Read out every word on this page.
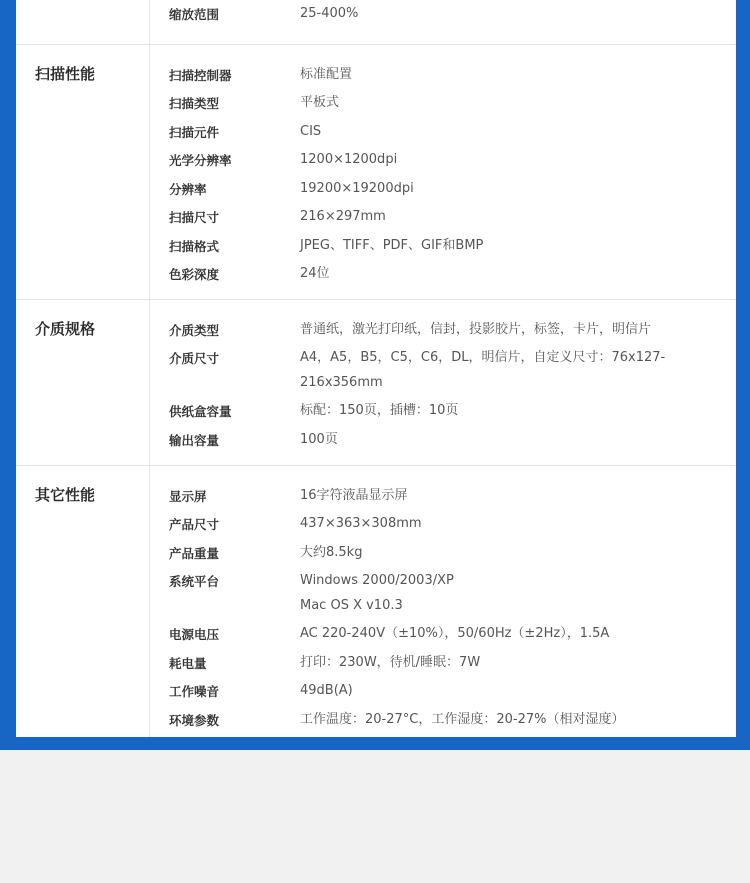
缩放范围	25-400%
扫描性能	扫描控制器	标准配置
扫描类型	平板式
扫描元件	CIS
光学分辨率	1200×1200dpi
分辨率	19200×19200dpi
扫描尺寸	216×297mm
扫描格式	JPEG、TIFF、PDF、GIF和BMP
色彩深度	24位
介质规格	介质类型	普通纸，激光打印纸，信封，投影胶片，标签，卡片，明信片
介质尺寸	A4，A5，B5，C5，C6，DL，明信片，自定义尺寸：76x127-
216x356mm
供纸盒容量	标配：150页，插槽：10页
输出容量	100页
其它性能	显示屏	16字符液晶显示屏
产品尺寸	437×363×308mm
产品重量	大约8.5kg
系统平台	Windows 2000/2003/XP
Mac OS X v10.3
电源电压	AC 220-240V（±10%），50/60Hz（±2Hz），1.5A
耗电量	打印：230W，待机/睡眠：7W
工作噪音	49dB(A)
环境参数	工作温度：20-27°C，工作湿度：20-27%（相对湿度）
